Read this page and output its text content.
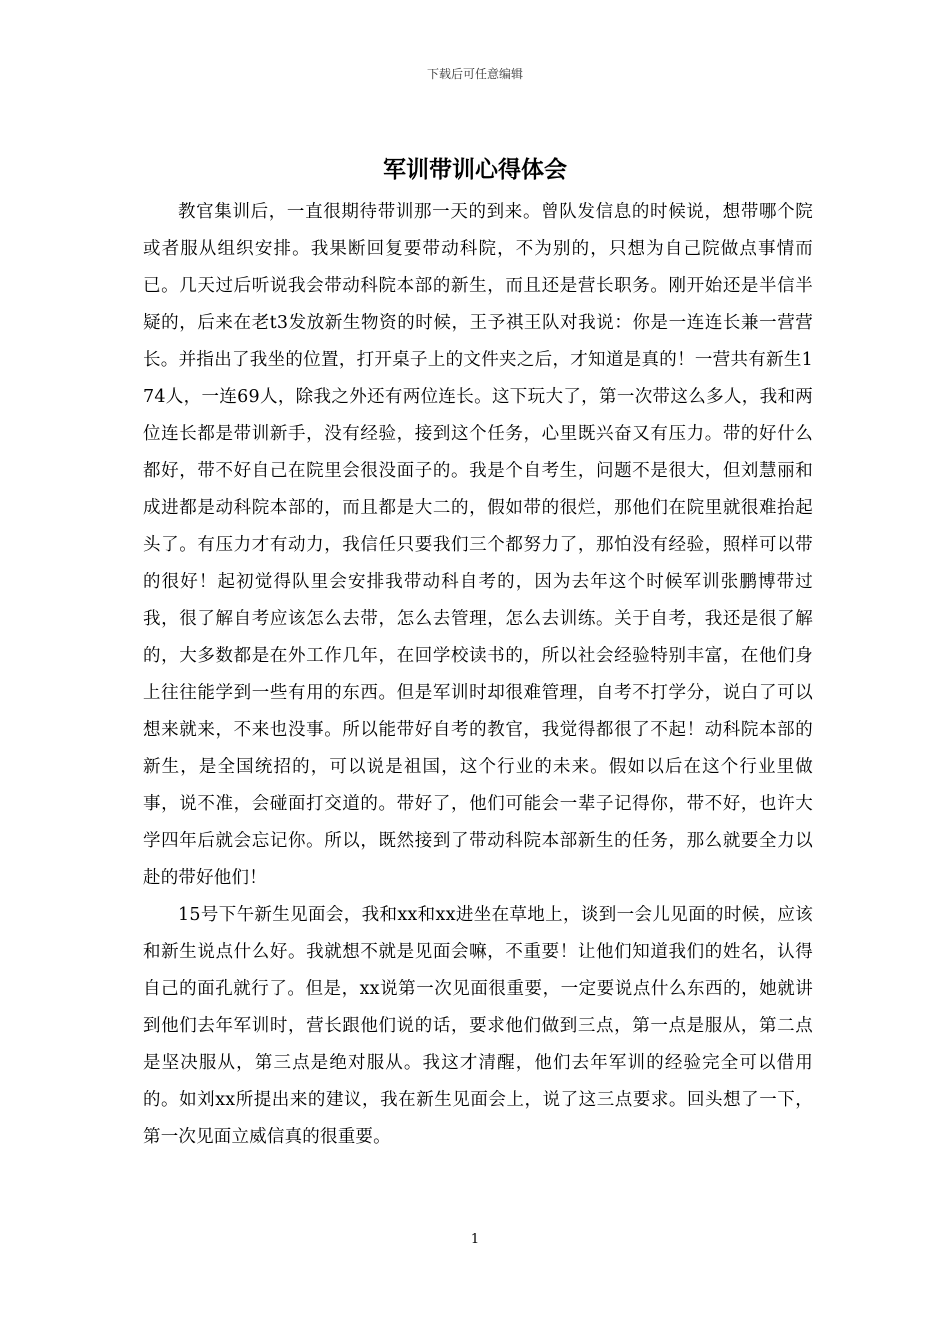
下载后可任意编辑
军训带训心得体会

教官集训后，一直很期待带训那一天的到来。曾队发信息的时候说，想带哪个院或者服从组织安排。我果断回复要带动科院，不为别的，只想为自己院做点事情而已。几天过后听说我会带动科院本部的新生，而且还是营长职务。刚开始还是半信半疑的，后来在老t3发放新生物资的时候，王予祺王队对我说：你是一连连长兼一营营长。并指出了我坐的位置，打开桌子上的文件夹之后，才知道是真的！一营共有新生174人，一连69人，除我之外还有两位连长。这下玩大了，第一次带这么多人，我和两位连长都是带训新手，没有经验，接到这个任务，心里既兴奋又有压力。带的好什么都好，带不好自己在院里会很没面子的。我是个自考生，问题不是很大，但刘慧丽和成进都是动科院本部的，而且都是大二的，假如带的很烂，那他们在院里就很难抬起头了。有压力才有动力，我信任只要我们三个都努力了，那怕没有经验，照样可以带的很好！起初觉得队里会安排我带动科自考的，因为去年这个时候军训张鹏博带过我，很了解自考应该怎么去带，怎么去管理，怎么去训练。关于自考，我还是很了解的，大多数都是在外工作几年，在回学校读书的，所以社会经验特别丰富，在他们身上往往能学到一些有用的东西。但是军训时却很难管理，自考不打学分，说白了可以想来就来，不来也没事。所以能带好自考的教官，我觉得都很了不起！动科院本部的新生，是全国统招的，可以说是祖国，这个行业的未来。假如以后在这个行业里做事，说不准，会碰面打交道的。带好了，他们可能会一辈子记得你，带不好，也许大学四年后就会忘记你。所以，既然接到了带动科院本部新生的任务，那么就要全力以赴的带好他们！

15号下午新生见面会，我和xx和xx进坐在草地上，谈到一会儿见面的时候，应该和新生说点什么好。我就想不就是见面会嘛，不重要！让他们知道我们的姓名，认得自己的面孔就行了。但是，xx说第一次见面很重要，一定要说点什么东西的，她就讲到他们去年军训时，营长跟他们说的话，要求他们做到三点，第一点是服从，第二点是坚决服从，第三点是绝对服从。我这才清醒，他们去年军训的经验完全可以借用的。如刘xx所提出来的建议，我在新生见面会上，说了这三点要求。回头想了一下，第一次见面立威信真的很重要。

1
